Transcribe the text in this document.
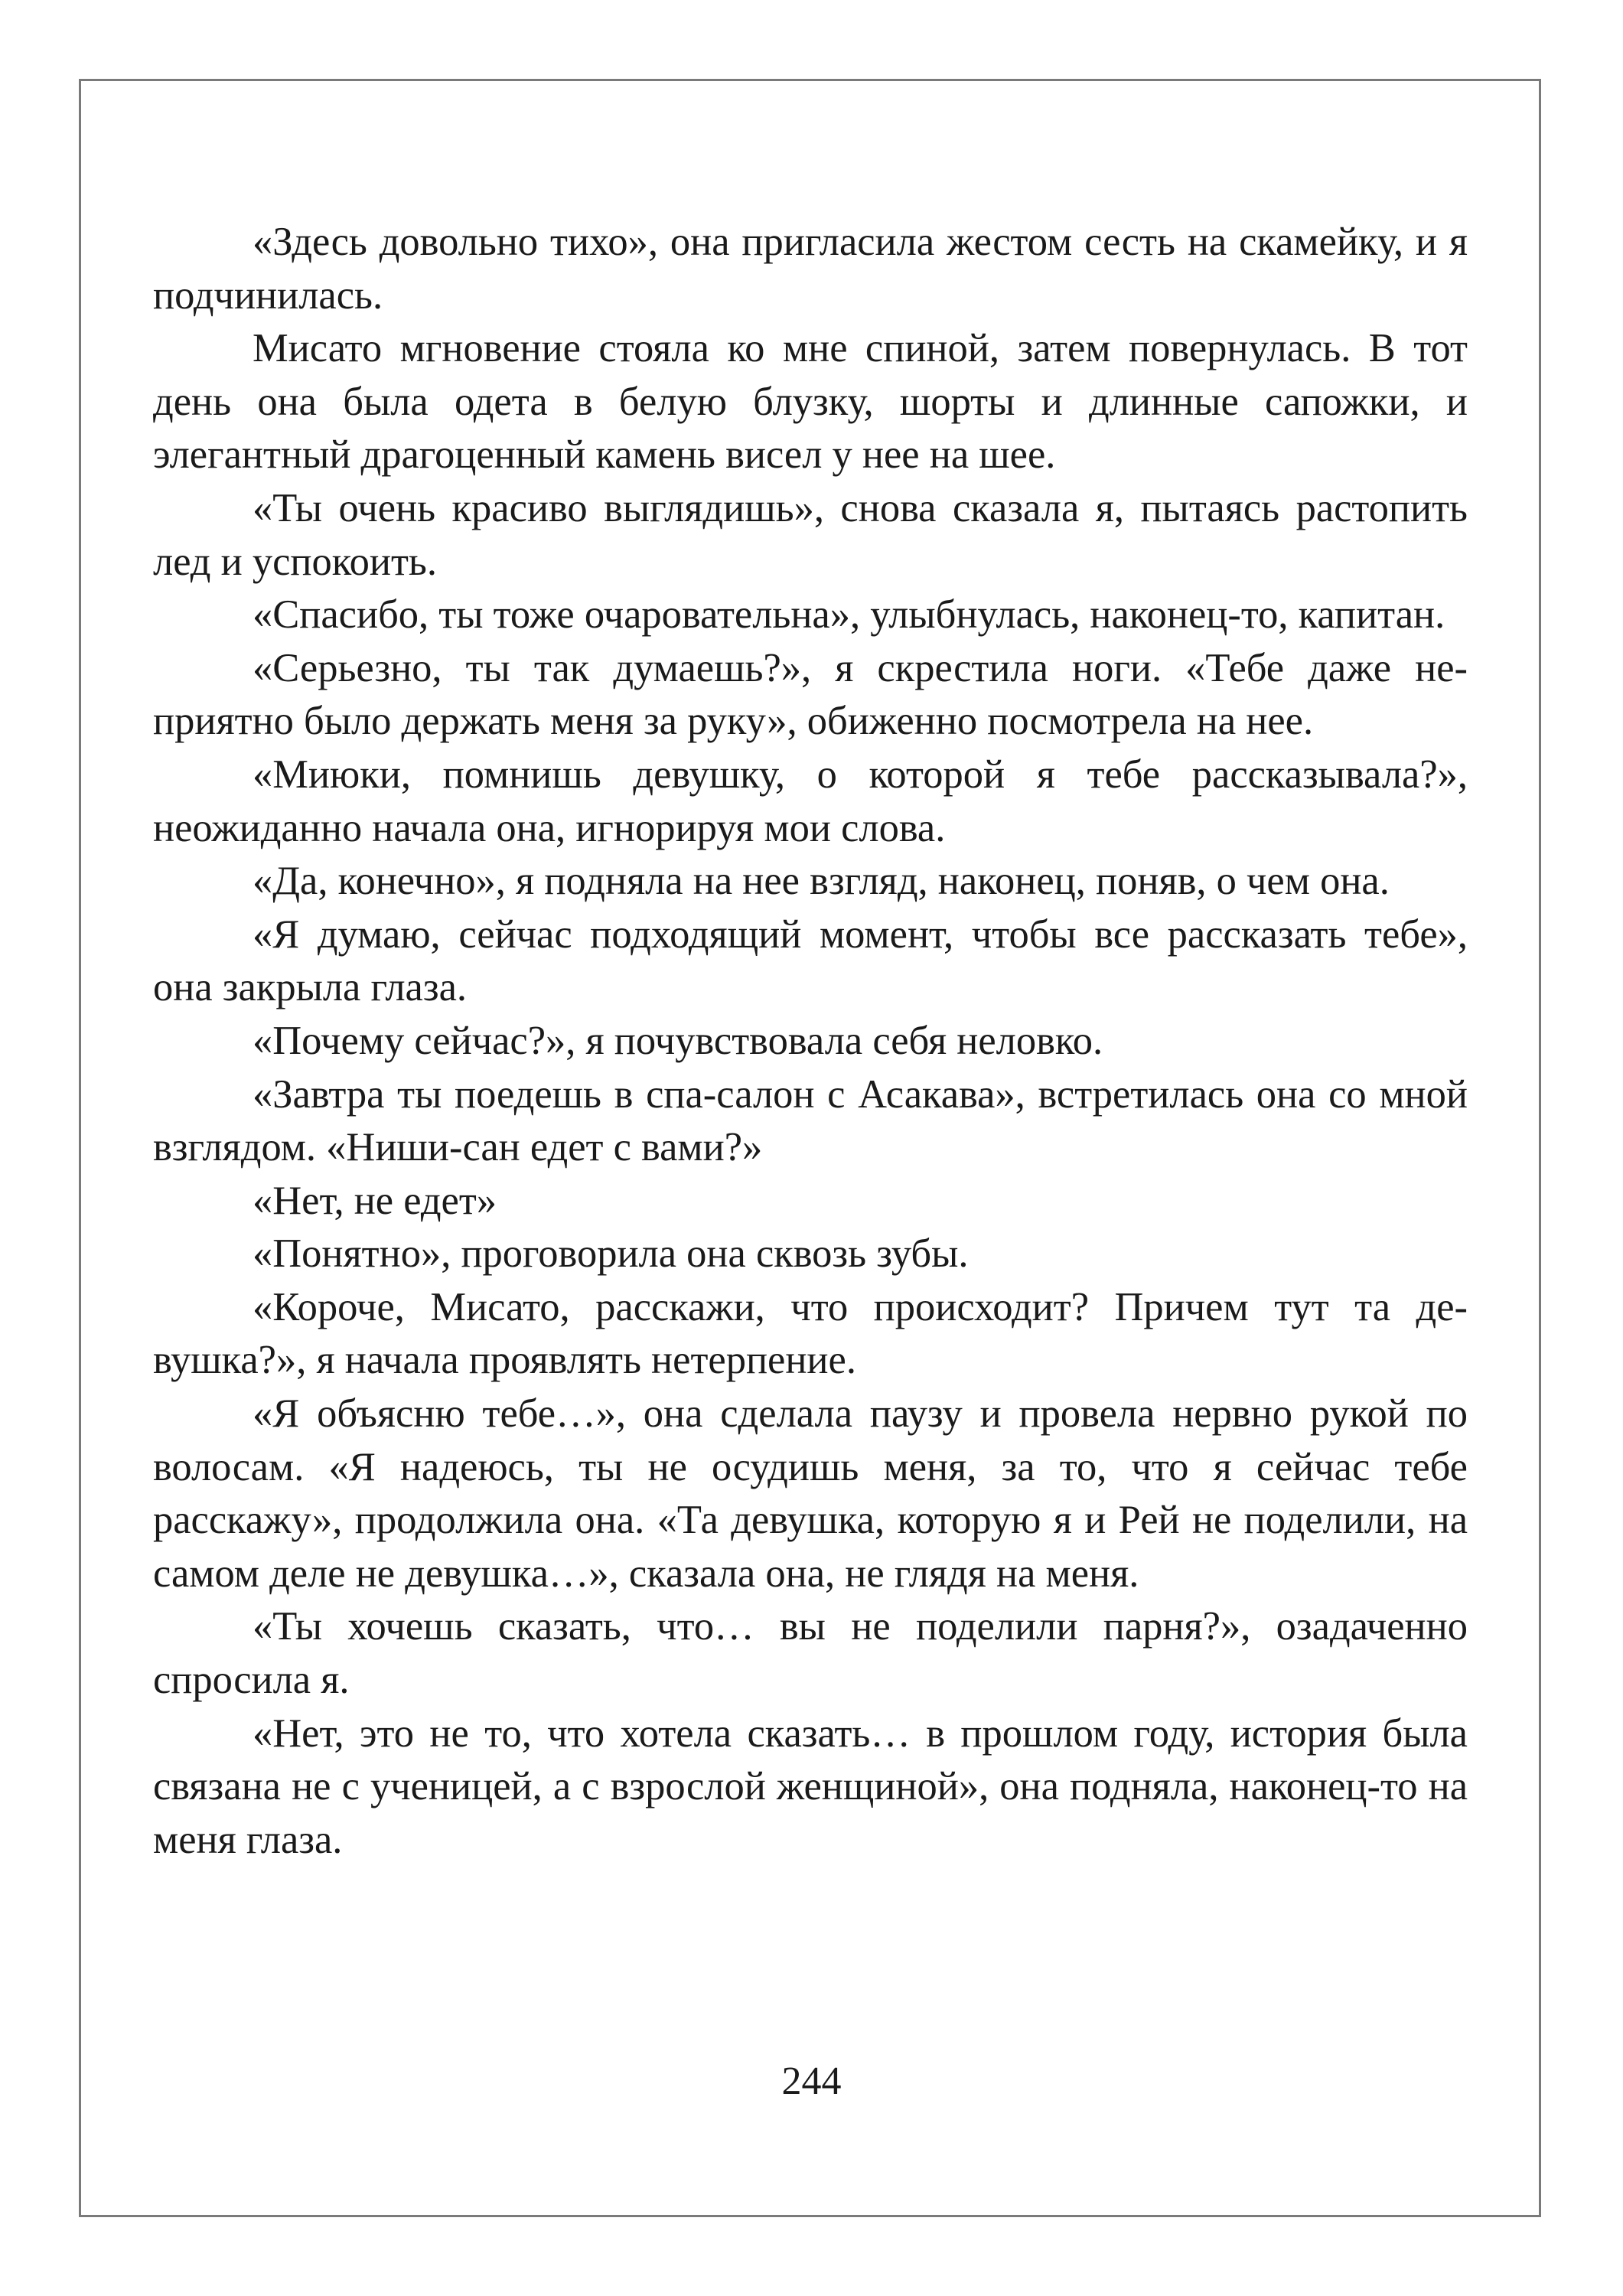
«Здесь довольно тихо», она пригласила жестом сесть на скамейку, и я подчинилась.

Мисато мгновение стояла ко мне спиной, затем повернулась. В тот день она была одета в белую блузку, шорты и длинные сапожки, и элегантный драгоценный камень висел у нее на шее.

«Ты очень красиво выглядишь», снова сказала я, пытаясь растопить лед и успокоить.

«Спасибо, ты тоже очаровательна», улыбнулась, наконец-то, капитан.

«Серьезно, ты так думаешь?», я скрестила ноги. «Тебе даже неприятно было держать меня за руку», обиженно посмотрела на нее.

«Миюки, помнишь девушку, о которой я тебе рассказывала?», неожиданно начала она, игнорируя мои слова.

«Да, конечно», я подняла на нее взгляд, наконец, поняв, о чем она.

«Я думаю, сейчас подходящий момент, чтобы все рассказать тебе», она закрыла глаза.

«Почему сейчас?», я почувствовала себя неловко.

«Завтра ты поедешь в спа-салон с Асакава», встретилась она со мной взглядом. «Ниши-сан едет с вами?»

«Нет, не едет»

«Понятно», проговорила она сквозь зубы.

«Короче, Мисато, расскажи, что происходит? Причем тут та девушка?», я начала проявлять нетерпение.

«Я объясню тебе…», она сделала паузу и провела нервно рукой по волосам. «Я надеюсь, ты не осудишь меня, за то, что я сейчас тебе расскажу», продолжила она. «Та девушка, которую я и Рей не поделили, на самом деле не девушка…», сказала она, не глядя на меня.

«Ты хочешь сказать, что… вы не поделили парня?», озадаченно спросила я.

«Нет, это не то, что хотела сказать… в прошлом году, история была связана не с ученицей, а с взрослой женщиной», она подняла, наконец-то на меня глаза.

244
